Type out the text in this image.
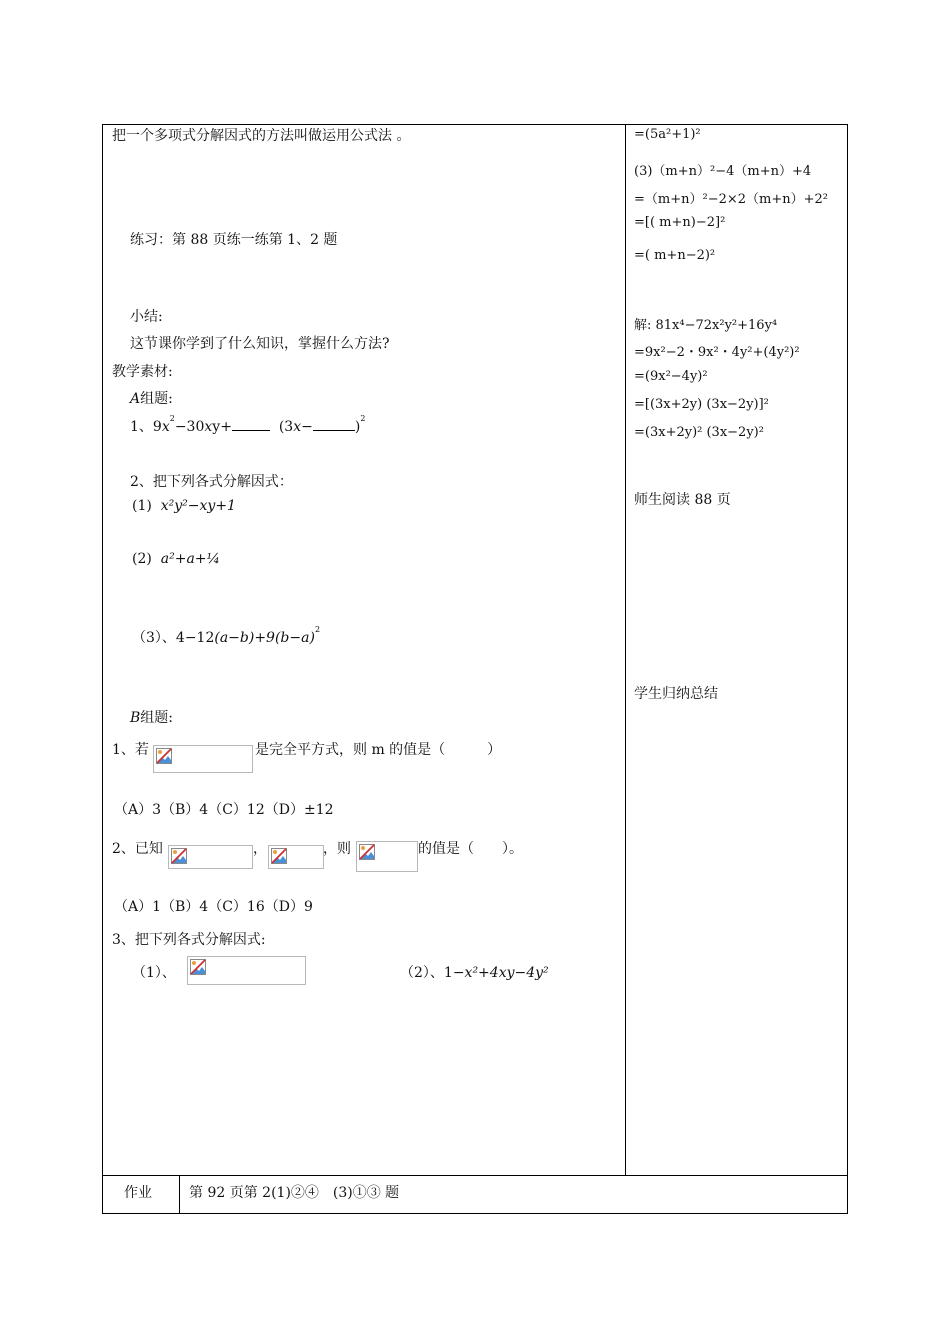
把一个多项式分解因式的方法叫做运用公式法 。
练习：第 88 页练一练第 1、2 题
小结:
这节课你学到了什么知识，掌握什么方法?
教学素材:
A组题:
1、$9x^2-30xy+$	(3x−	)$^2$
2、把下列各式分解因式：
(1) x²y²−xy+1
(2) a²+a+¼
（3）、$4-12(a-b)+9(b-a)^2$
B组题:
1、若	是完全平方式，则 m 的值是（　　　）
（A）3（B）4（C）12（D）±12
2、已知	，	，则	的值是（　　）。
（A）1（B）4（C）16（D）9
3、把下列各式分解因式:
（1）、	（2）、1−x²+4xy−4y²
=(5a²+1)²
(3)（m+n）²−4（m+n）+4
=（m+n）²−2×2（m+n）+2²
=[( m+n)−2]²
=( m+n−2)²
解: 81x⁴−72x²y²+16y⁴
=9x²−2・9x²・4y²+(4y²)²
=(9x²−4y)²
=[(3x+2y) (3x−2y)]²
=(3x+2y)² (3x−2y)²
师生阅读 88 页
学生归纳总结
作业	第 92 页第 2(1)②④　(3)①③ 题
